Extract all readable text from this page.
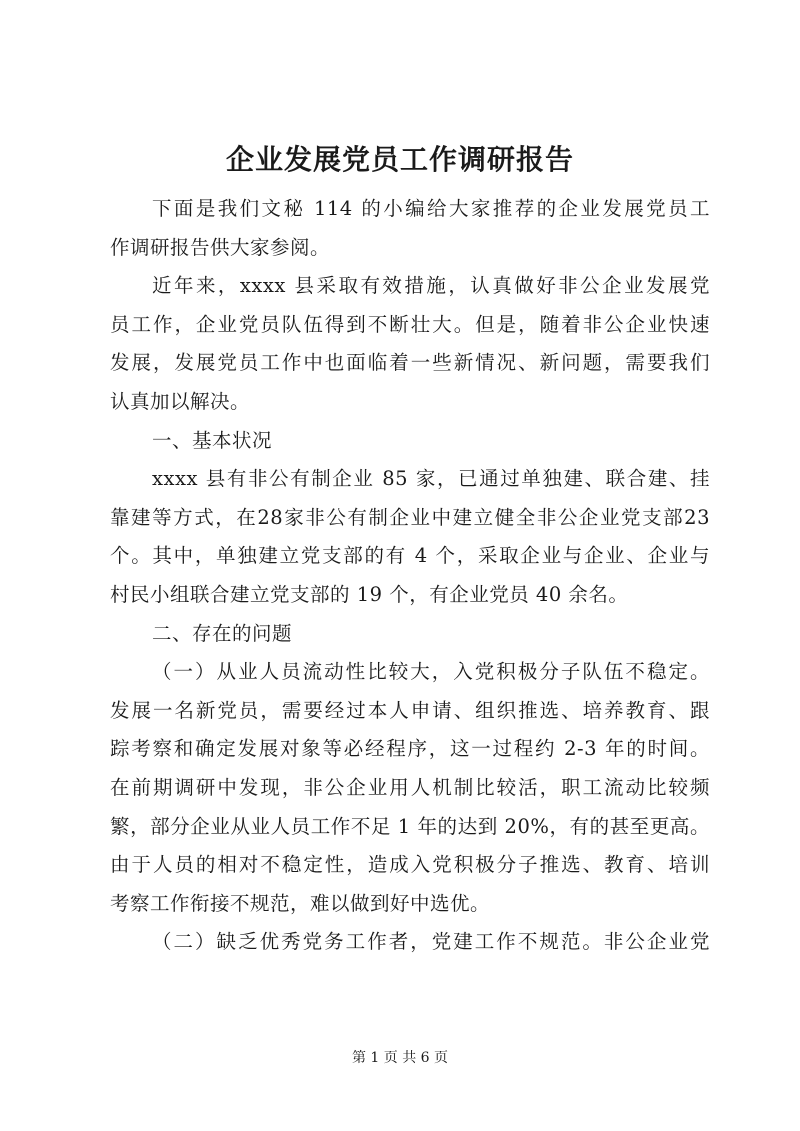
企业发展党员工作调研报告

下面是我们文秘 114 的小编给大家推荐的企业发展党员工
作调研报告供大家参阅。

近年来，xxxx 县采取有效措施，认真做好非公企业发展党
员工作，企业党员队伍得到不断壮大。但是，随着非公企业快速
发展，发展党员工作中也面临着一些新情况、新问题，需要我们
认真加以解决。

一、基本状况

xxxx 县有非公有制企业 85 家，已通过单独建、联合建、挂
靠建等方式，在28家非公有制企业中建立健全非公企业党支部23
个。其中，单独建立党支部的有 4 个，采取企业与企业、企业与
村民小组联合建立党支部的 19 个，有企业党员 40 余名。

二、存在的问题

（一）从业人员流动性比较大，入党积极分子队伍不稳定。
发展一名新党员，需要经过本人申请、组织推选、培养教育、跟
踪考察和确定发展对象等必经程序，这一过程约 2-3 年的时间。
在前期调研中发现，非公企业用人机制比较活，职工流动比较频
繁，部分企业从业人员工作不足 1 年的达到 20%，有的甚至更高。
由于人员的相对不稳定性，造成入党积极分子推选、教育、培训
考察工作衔接不规范，难以做到好中选优。

（二）缺乏优秀党务工作者，党建工作不规范。非公企业党

第 1 页 共 6 页
